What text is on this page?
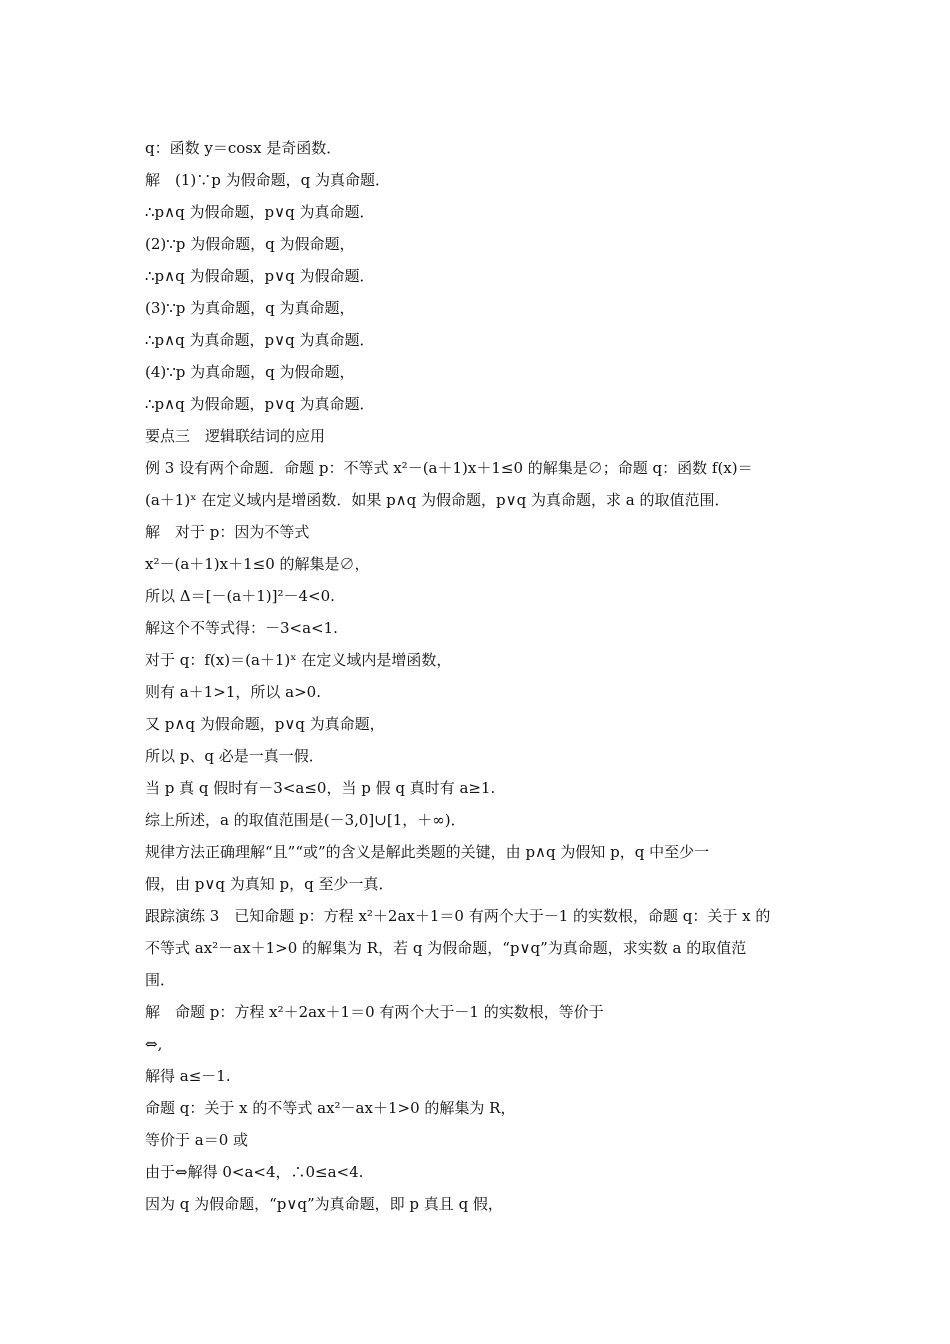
q：函数 y＝cosx 是奇函数．
解　(1)∵p 为假命题，q 为真命题．
∴p∧q 为假命题，p∨q 为真命题．
(2)∵p 为假命题，q 为假命题，
∴p∧q 为假命题，p∨q 为假命题．
(3)∵p 为真命题，q 为真命题，
∴p∧q 为真命题，p∨q 为真命题．
(4)∵p 为真命题，q 为假命题，
∴p∧q 为假命题，p∨q 为真命题．
要点三　逻辑联结词的应用
例 3 设有两个命题．命题 p：不等式 x²－(a＋1)x＋1≤0 的解集是∅；命题 q：函数 f(x)＝
(a＋1)ˣ 在定义域内是增函数．如果 p∧q 为假命题，p∨q 为真命题，求 a 的取值范围．
解　对于 p：因为不等式
x²－(a＋1)x＋1≤0 的解集是∅，
所以 Δ＝[－(a＋1)]²－4<0.
解这个不等式得：－3<a<1.
对于 q：f(x)＝(a＋1)ˣ 在定义域内是增函数，
则有 a＋1>1，所以 a>0.
又 p∧q 为假命题，p∨q 为真命题，
所以 p、q 必是一真一假．
当 p 真 q 假时有－3<a≤0，当 p 假 q 真时有 a≥1.
综上所述，a 的取值范围是(－3,0]∪[1，＋∞)．
规律方法正确理解“且”“或”的含义是解此类题的关键，由 p∧q 为假知 p，q 中至少一
假，由 p∨q 为真知 p，q 至少一真．
跟踪演练 3　已知命题 p：方程 x²＋2ax＋1＝0 有两个大于－1 的实数根，命题 q：关于 x 的
不等式 ax²－ax＋1>0 的解集为 R，若 q 为假命题，“p∨q”为真命题，求实数 a 的取值范
围．
解　命题 p：方程 x²＋2ax＋1＝0 有两个大于－1 的实数根，等价于
⇔,
解得 a≤－1.
命题 q：关于 x 的不等式 ax²－ax＋1>0 的解集为 R，
等价于 a＝0 或
由于⇔解得 0<a<4，∴0≤a<4.
因为 q 为假命题，“p∨q”为真命题，即 p 真且 q 假，
